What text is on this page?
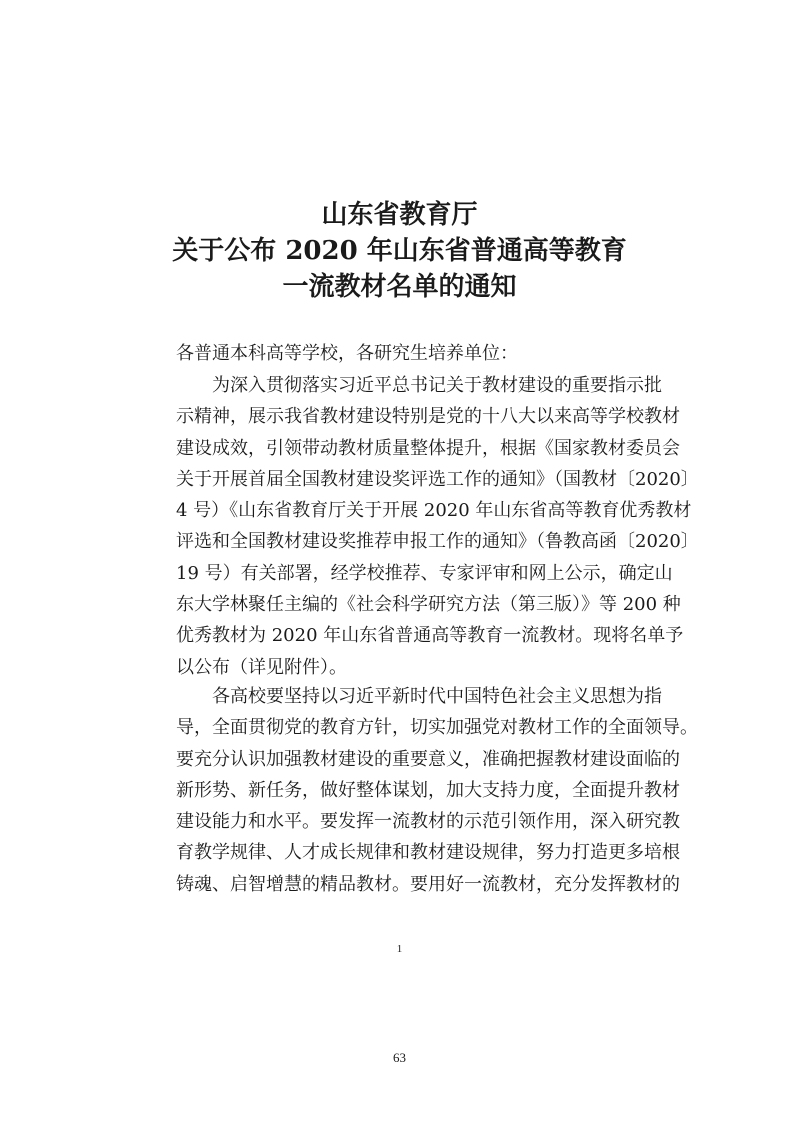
山东省教育厅
关于公布 2020 年山东省普通高等教育
一流教材名单的通知
各普通本科高等学校，各研究生培养单位：
为深入贯彻落实习近平总书记关于教材建设的重要指示批
示精神，展示我省教材建设特别是党的十八大以来高等学校教材
建设成效，引领带动教材质量整体提升，根据《国家教材委员会
关于开展首届全国教材建设奖评选工作的通知》（国教材〔2020〕
4 号）《山东省教育厅关于开展 2020 年山东省高等教育优秀教材
评选和全国教材建设奖推荐申报工作的通知》（鲁教高函〔2020〕
19 号）有关部署，经学校推荐、专家评审和网上公示，确定山
东大学林聚任主编的《社会科学研究方法（第三版）》等 200 种
优秀教材为 2020 年山东省普通高等教育一流教材。现将名单予
以公布（详见附件）。
各高校要坚持以习近平新时代中国特色社会主义思想为指
导，全面贯彻党的教育方针，切实加强党对教材工作的全面领导。
要充分认识加强教材建设的重要意义，准确把握教材建设面临的
新形势、新任务，做好整体谋划，加大支持力度，全面提升教材
建设能力和水平。要发挥一流教材的示范引领作用，深入研究教
育教学规律、人才成长规律和教材建设规律，努力打造更多培根
铸魂、启智增慧的精品教材。要用好一流教材，充分发挥教材的
1
63
